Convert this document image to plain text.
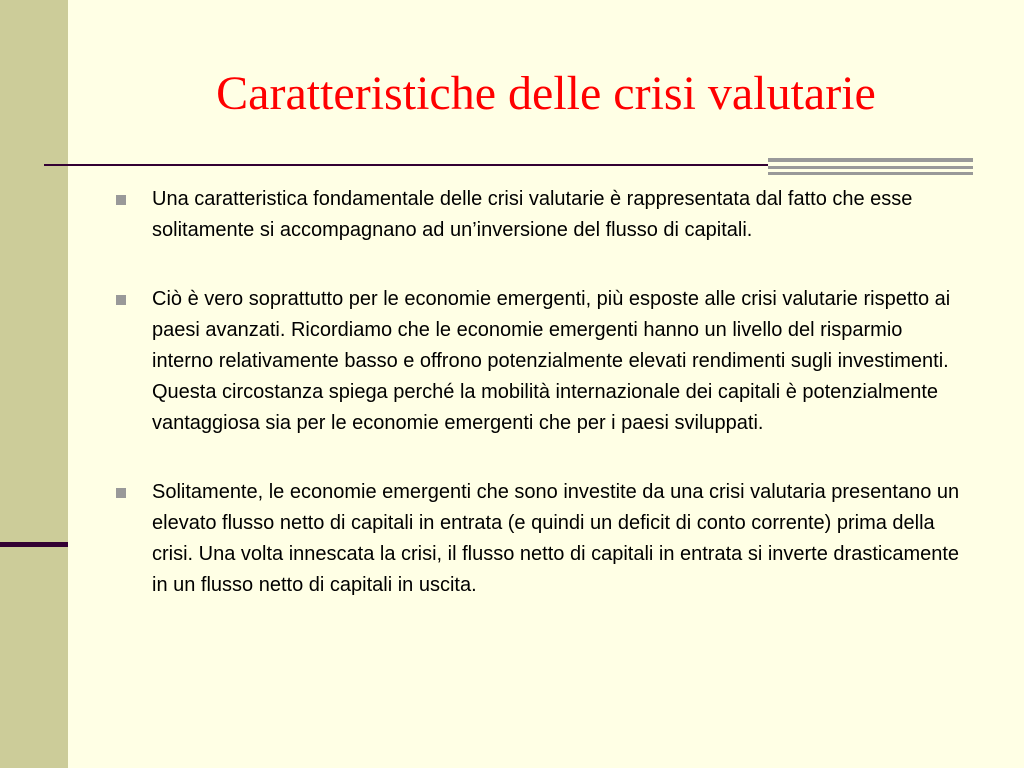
Caratteristiche delle crisi valutarie
Una caratteristica fondamentale delle crisi valutarie è rappresentata dal fatto che esse solitamente si accompagnano ad un’inversione del flusso di capitali.
Ciò è vero soprattutto per le economie emergenti, più esposte alle crisi valutarie rispetto ai paesi avanzati. Ricordiamo che le economie emergenti hanno un livello del risparmio interno relativamente basso e offrono potenzialmente elevati rendimenti sugli investimenti. Questa circostanza spiega perché la mobilità internazionale dei capitali è potenzialmente vantaggiosa sia per le economie emergenti che per i paesi sviluppati.
Solitamente, le economie emergenti che sono investite da una crisi valutaria presentano un elevato flusso netto di capitali in entrata (e quindi un deficit di conto corrente) prima della crisi. Una volta innescata la crisi, il flusso netto di capitali in entrata si inverte drasticamente in un flusso netto di capitali in uscita.
